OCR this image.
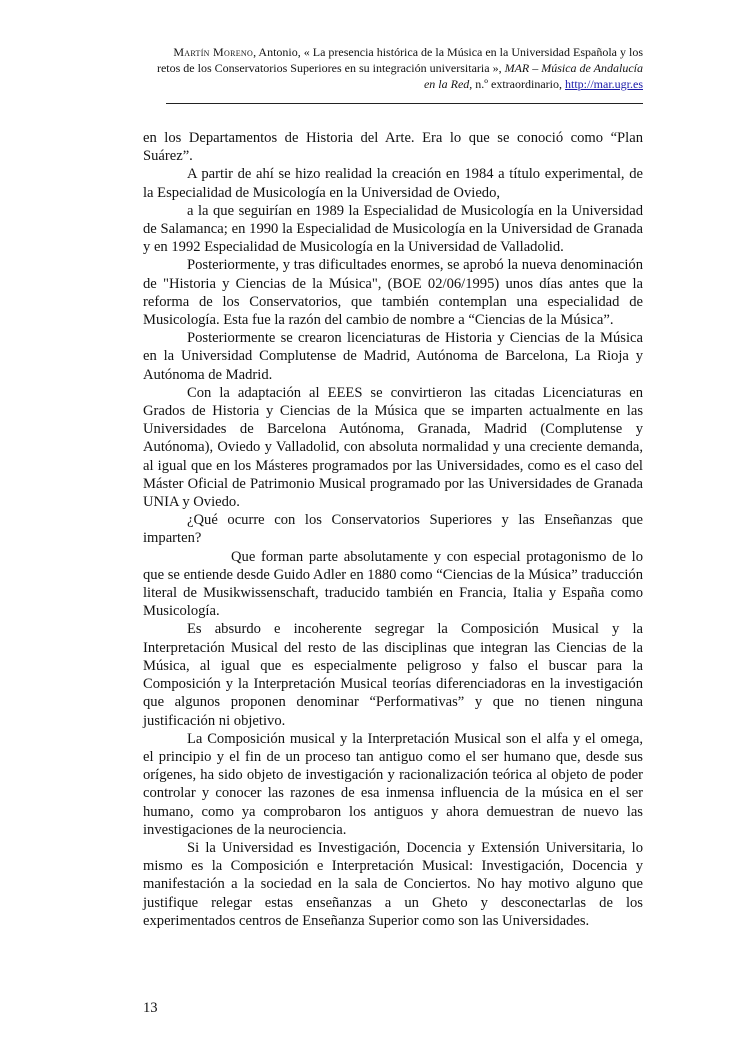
Martín Moreno, Antonio, « La presencia histórica de la Música en la Universidad Española y los retos de los Conservatorios Superiores en su integración universitaria », MAR – Música de Andalucía en la Red, n.º extraordinario, http://mar.ugr.es

en los Departamentos de Historia del Arte. Era lo que se conoció como “Plan Suárez”.

A partir de ahí se hizo realidad la creación en 1984 a título experimental, de la Especialidad de Musicología en la Universidad de Oviedo,

a la que seguirían en 1989 la Especialidad de Musicología en la Universidad de Salamanca; en 1990 la Especialidad de Musicología en la Universidad de Granada y en 1992 Especialidad de Musicología en la Universidad de Valladolid.

Posteriormente, y tras dificultades enormes, se aprobó la nueva denominación de "Historia y Ciencias de la Música", (BOE 02/06/1995) unos días antes que la reforma de los Conservatorios, que también contemplan una especialidad de Musicología. Esta fue la razón del cambio de nombre a “Ciencias de la Música”.

Posteriormente se crearon licenciaturas de Historia y Ciencias de la Música en la Universidad Complutense de Madrid, Autónoma de Barcelona, La Rioja y Autónoma de Madrid.

Con la adaptación al EEES se convirtieron las citadas Licenciaturas en Grados de Historia y Ciencias de la Música que se imparten actualmente en las Universidades de Barcelona Autónoma, Granada, Madrid (Complutense y Autónoma), Oviedo y Valladolid, con absoluta normalidad y una creciente demanda, al igual que en los Másteres programados por las Universidades, como es el caso del Máster Oficial de Patrimonio Musical programado por las Universidades de Granada UNIA y Oviedo.

¿Qué ocurre con los Conservatorios Superiores y las Enseñanzas que imparten?

Que forman parte absolutamente y con especial protagonismo de lo que se entiende desde Guido Adler en 1880 como “Ciencias de la Música” traducción literal de Musikwissenschaft, traducido también en Francia, Italia y España como Musicología.

Es absurdo e incoherente segregar la Composición Musical y la Interpretación Musical del resto de las disciplinas que integran las Ciencias de la Música, al igual que es especialmente peligroso y falso el buscar para la Composición y la Interpretación Musical teorías diferenciadoras en la investigación que algunos proponen denominar “Performativas” y que no tienen ninguna justificación ni objetivo.

La Composición musical y la Interpretación Musical son el alfa y el omega, el principio y el fin de un proceso tan antiguo como el ser humano que, desde sus orígenes, ha sido objeto de investigación y racionalización teórica al objeto de poder controlar y conocer las razones de esa inmensa influencia de la música en el ser humano, como ya comprobaron los antiguos y ahora demuestran de nuevo las investigaciones de la neurociencia.

Si la Universidad es Investigación, Docencia y Extensión Universitaria, lo mismo es la Composición e Interpretación Musical: Investigación, Docencia y manifestación a la sociedad en la sala de Conciertos. No hay motivo alguno que justifique relegar estas enseñanzas a un Gheto y desconectarlas de los experimentados centros de Enseñanza Superior como son las Universidades.

13
